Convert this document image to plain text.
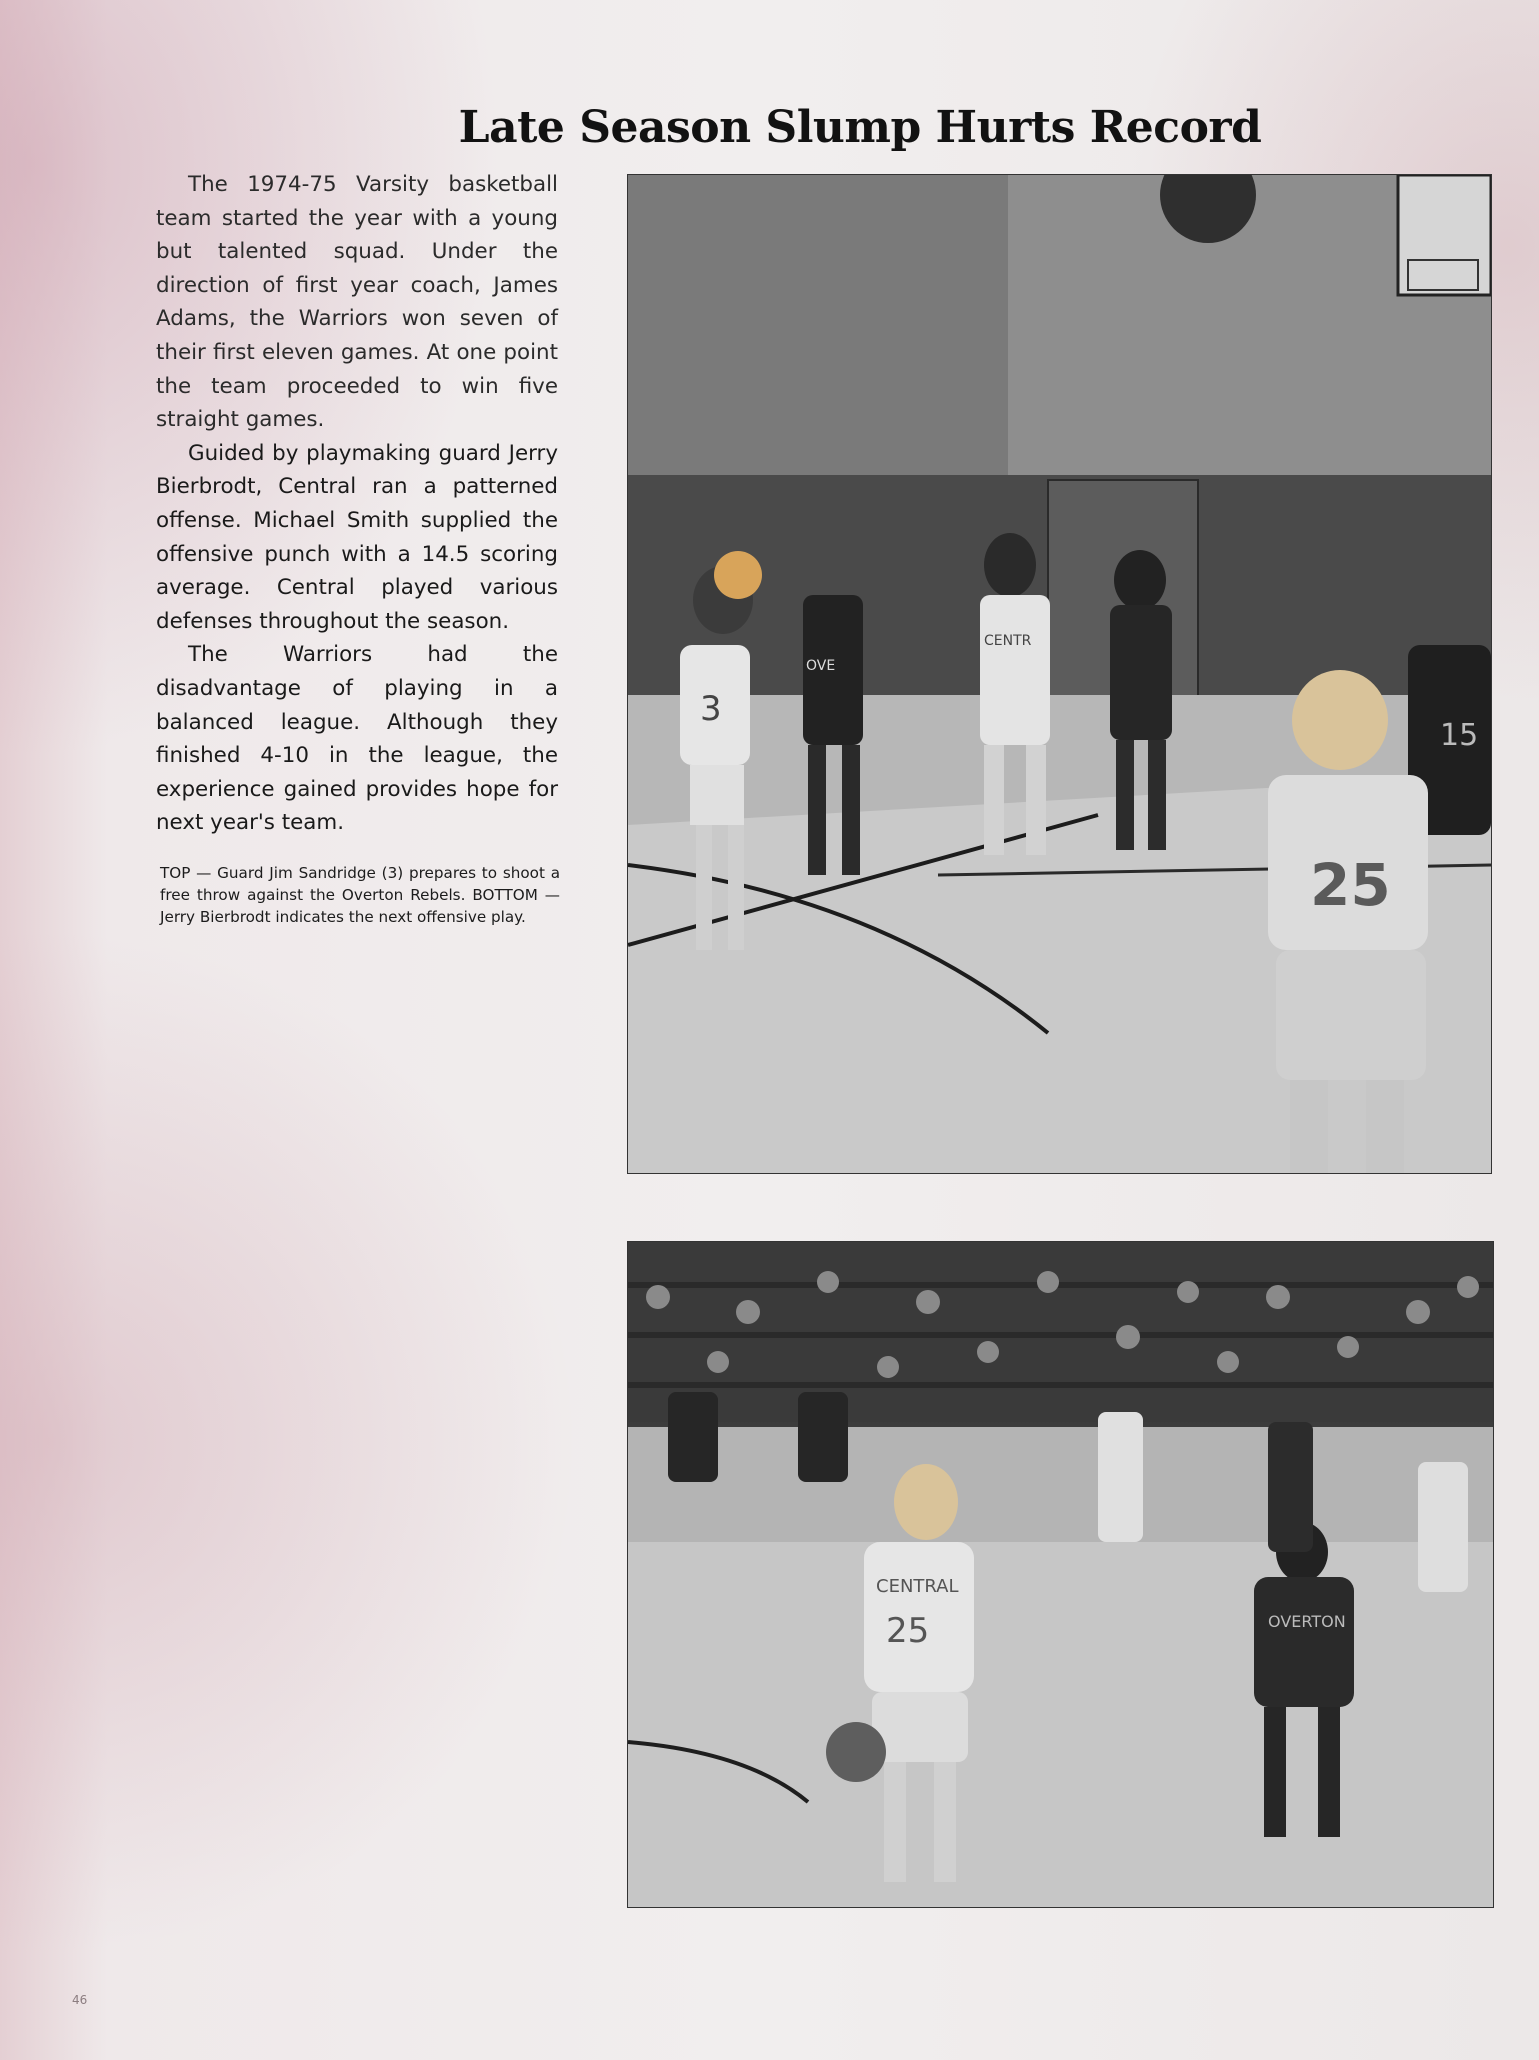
Late Season Slump Hurts Record

The 1974-75 Varsity basketball team started the year with a young but talented squad. Under the direction of first year coach, James Adams, the Warriors won seven of their first eleven games. At one point the team proceeded to win five straight games.

Guided by playmaking guard Jerry Bierbrodt, Central ran a patterned offense. Michael Smith supplied the offensive punch with a 14.5 scoring average. Central played various defenses throughout the season.

The Warriors had the disadvantage of playing in a balanced league. Although they finished 4-10 in the league, the experience gained provides hope for next year's team.

TOP — Guard Jim Sandridge (3) prepares to shoot a free throw against the Overton Rebels. BOTTOM — Jerry Bierbrodt indicates the next offensive play.

3
OVE
CENTR
15
25
CENTRAL
25	OVERTON
46
